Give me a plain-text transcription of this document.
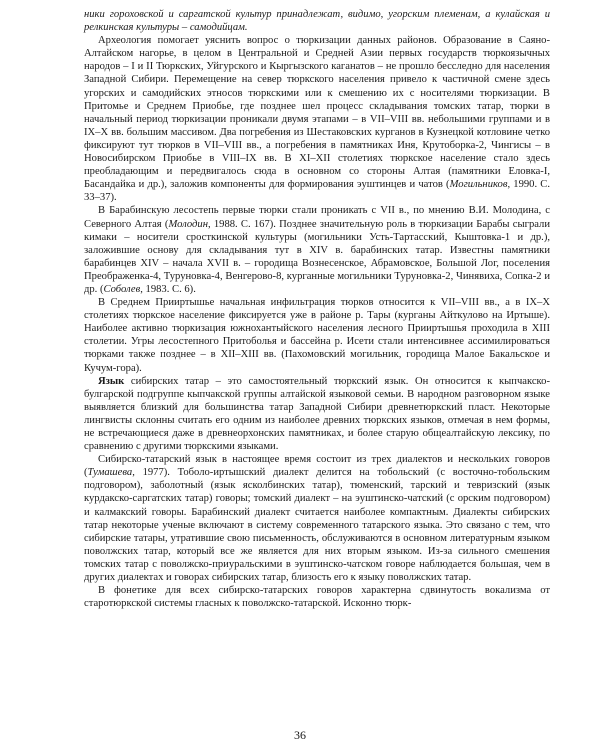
ники гороховской и саргатской культур принадлежат, видимо, угорским племенам, а кулайская и релкинская культуры – самодийцам.

Археология помогает уяснить вопрос о тюркизации данных районов. Образование в Саяно-Алтайском нагорье, в целом в Центральной и Средней Азии первых государств тюркоязычных народов – I и II Тюркских, Уйгурского и Кыргызского каганатов – не прошло бесследно для населения Западной Сибири. Перемещение на север тюркского населения привело к частичной смене здесь угорских и самодийских этносов тюркскими или к смешению их с носителями тюркизации. В Притомье и Среднем Приобье, где позднее шел процесс складывания томских татар, тюрки в начальный период тюркизации проникали двумя этапами – в VII–VIII вв. небольшими группами и в IX–X вв. большим массивом. Два погребения из Шестаковских курганов в Кузнецкой котловине четко фиксируют тут тюрков в VII–VIII вв., а погребения в памятниках Иня, Крутоборка-2, Чингисы – в Новосибирском Приобье в VIII–IX вв. В XI–XII столетиях тюркское население стало здесь преобладающим и передвигалось сюда в основном со стороны Алтая (памятники Еловка-I, Басандайка и др.), заложив компоненты для формирования эуштинцев и чатов (Могильников, 1990. С. 33–37).

В Барабинскую лесостепь первые тюрки стали проникать с VII в., по мнению В.И. Молодина, с Северного Алтая (Молодин, 1988. С. 167). Позднее значительную роль в тюркизации Барабы сыграли кимаки – носители сросткинской культуры (могильники Усть-Тартасский, Кыштовка-1 и др.), заложившие основу для складывания тут в XIV в. барабинских татар. Известны памятники барабинцев XIV – начала XVII в. – городища Вознесенское, Абрамовское, Большой Лог, поселения Преображенка-4, Туруновка-4, Венгерово-8, курганные могильники Туруновка-2, Чинявиха, Сопка-2 и др. (Соболев, 1983. С. 6).

В Среднем Прииртышье начальная инфильтрация тюрков относится к VII–VIII вв., а в IX–X столетиях тюркское население фиксируется уже в районе р. Тары (курганы Айткулово на Иртыше). Наиболее активно тюркизация южнохантыйского населения лесного Прииртышья проходила в XIII столетии. Угры лесостепного Притоболья и бассейна р. Исети стали интенсивнее ассимилироваться тюрками также позднее – в XII–XIII вв. (Пахомовский могильник, городища Малое Бакальское и Кучум-гора).

Язык сибирских татар – это самостоятельный тюркский язык. Он относится к кыпчакско-булгарской подгруппе кыпчакской группы алтайской языковой семьи. В народном разговорном языке выявляется близкий для большинства татар Западной Сибири древнетюркский пласт. Некоторые лингвисты склонны считать его одним из наиболее древних тюркских языков, отмечая в нем формы, не встречающиеся даже в древнеорхонских памятниках, и более старую общеалтайскую лексику, по сравнению с другими тюркскими языками.

Сибирско-татарский язык в настоящее время состоит из трех диалектов и нескольких говоров (Тумашева, 1977). Тоболо-иртышский диалект делится на тобольский (с восточно-тобольским подговором), заболотный (язык ясколбинских татар), тюменский, тарский и тевризский (язык курдакско-саргатских татар) говоры; томский диалект – на эуштинско-чатский (с орским подговором) и калмакский говоры. Барабинский диалект считается наиболее компактным. Диалекты сибирских татар некоторые ученые включают в систему современного татарского языка. Это связано с тем, что сибирские татары, утратившие свою письменность, обслуживаются в основном литературным языком поволжских татар, который все же является для них вторым языком. Из-за сильного смешения томских татар с поволжско-приуральскими в эуштинско-чатском говоре наблюдается большая, чем в других диалектах и говорах сибирских татар, близость его к языку поволжских татар.

В фонетике для всех сибирско-татарских говоров характерна сдвинутость вокализма от старотюркской системы гласных к поволжско-татарской. Исконно тюрк-

36
